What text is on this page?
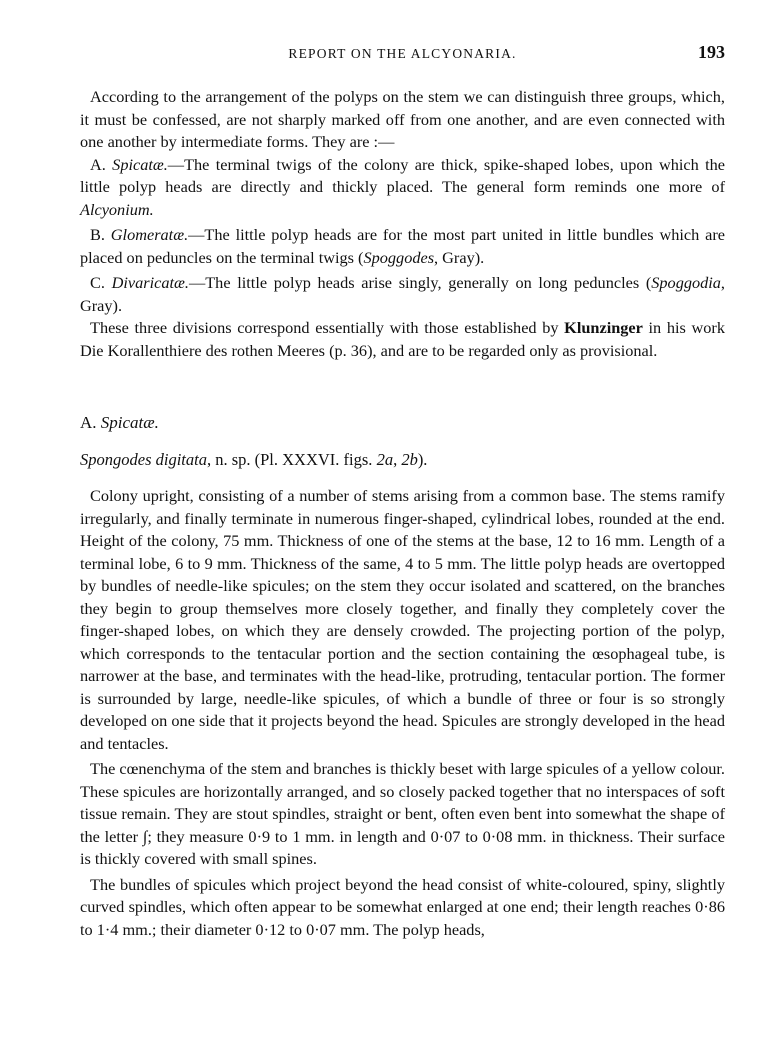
REPORT ON THE ALCYONARIA.	193

According to the arrangement of the polyps on the stem we can distinguish three groups, which, it must be confessed, are not sharply marked off from one another, and are even connected with one another by intermediate forms. They are :—

A. Spicatæ.—The terminal twigs of the colony are thick, spike-shaped lobes, upon which the little polyp heads are directly and thickly placed. The general form reminds one more of Alcyonium.

B. Glomeratæ.—The little polyp heads are for the most part united in little bundles which are placed on peduncles on the terminal twigs (Spoggodes, Gray).

C. Divaricatæ.—The little polyp heads arise singly, generally on long peduncles (Spoggodia, Gray).

These three divisions correspond essentially with those established by Klunzinger in his work Die Korallenthiere des rothen Meeres (p. 36), and are to be regarded only as provisional.

A. Spicatæ.

Spongodes digitata, n. sp. (Pl. XXXVI. figs. 2a, 2b).

Colony upright, consisting of a number of stems arising from a common base. The stems ramify irregularly, and finally terminate in numerous finger-shaped, cylindrical lobes, rounded at the end. Height of the colony, 75 mm. Thickness of one of the stems at the base, 12 to 16 mm. Length of a terminal lobe, 6 to 9 mm. Thickness of the same, 4 to 5 mm. The little polyp heads are overtopped by bundles of needle-like spicules; on the stem they occur isolated and scattered, on the branches they begin to group themselves more closely together, and finally they completely cover the finger-shaped lobes, on which they are densely crowded. The projecting portion of the polyp, which corresponds to the tentacular portion and the section containing the œsophageal tube, is narrower at the base, and terminates with the head-like, protruding, tentacular portion. The former is surrounded by large, needle-like spicules, of which a bundle of three or four is so strongly developed on one side that it projects beyond the head. Spicules are strongly developed in the head and tentacles.

The cœnenchyma of the stem and branches is thickly beset with large spicules of a yellow colour. These spicules are horizontally arranged, and so closely packed together that no interspaces of soft tissue remain. They are stout spindles, straight or bent, often even bent into somewhat the shape of the letter ∫; they measure 0·9 to 1 mm. in length and 0·07 to 0·08 mm. in thickness. Their surface is thickly covered with small spines.

The bundles of spicules which project beyond the head consist of white-coloured, spiny, slightly curved spindles, which often appear to be somewhat enlarged at one end; their length reaches 0·86 to 1·4 mm.; their diameter 0·12 to 0·07 mm. The polyp heads,
